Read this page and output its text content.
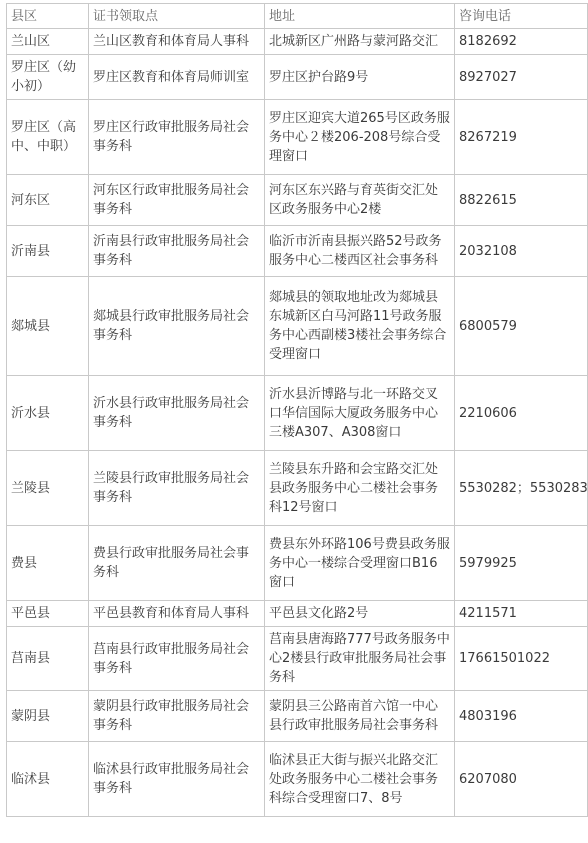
县区	证书领取点	地址	咨询电话
兰山区	兰山区教育和体育局人事科	北城新区广州路与蒙河路交汇	8182692
罗庄区（幼小初）	罗庄区教育和体育局师训室	罗庄区护台路9号	8927027
罗庄区（高中、中职）	罗庄区行政审批服务局社会事务科	罗庄区迎宾大道265号区政务服务中心２楼206-208号综合受理窗口	8267219
河东区	河东区行政审批服务局社会事务科	河东区东兴路与育英街交汇处区政务服务中心2楼	8822615
沂南县	沂南县行政审批服务局社会事务科	临沂市沂南县振兴路52号政务服务中心二楼西区社会事务科	2032108
郯城县	郯城县行政审批服务局社会事务科	郯城县的领取地址改为郯城县东城新区白马河路11号政务服务中心西副楼3楼社会事务综合受理窗口	6800579
沂水县	沂水县行政审批服务局社会事务科	沂水县沂博路与北一环路交叉口华信国际大厦政务服务中心三楼A307、A308窗口	2210606
兰陵县	兰陵县行政审批服务局社会事务科	兰陵县东升路和会宝路交汇处县政务服务中心二楼社会事务科12号窗口	5530282；5530283
费县	费县行政审批服务局社会事务科	费县东外环路106号费县政务服务中心一楼综合受理窗口B16窗口	5979925
平邑县	平邑县教育和体育局人事科	平邑县文化路2号	4211571
莒南县	莒南县行政审批服务局社会事务科	莒南县唐海路777号政务服务中心2楼县行政审批服务局社会事务科	17661501022
蒙阴县	蒙阴县行政审批服务局社会事务科	蒙阴县三公路南首六馆一中心县行政审批服务局社会事务科	4803196
临沭县	临沭县行政审批服务局社会事务科	临沭县正大街与振兴北路交汇处政务服务中心二楼社会事务科综合受理窗口7、8号	6207080
